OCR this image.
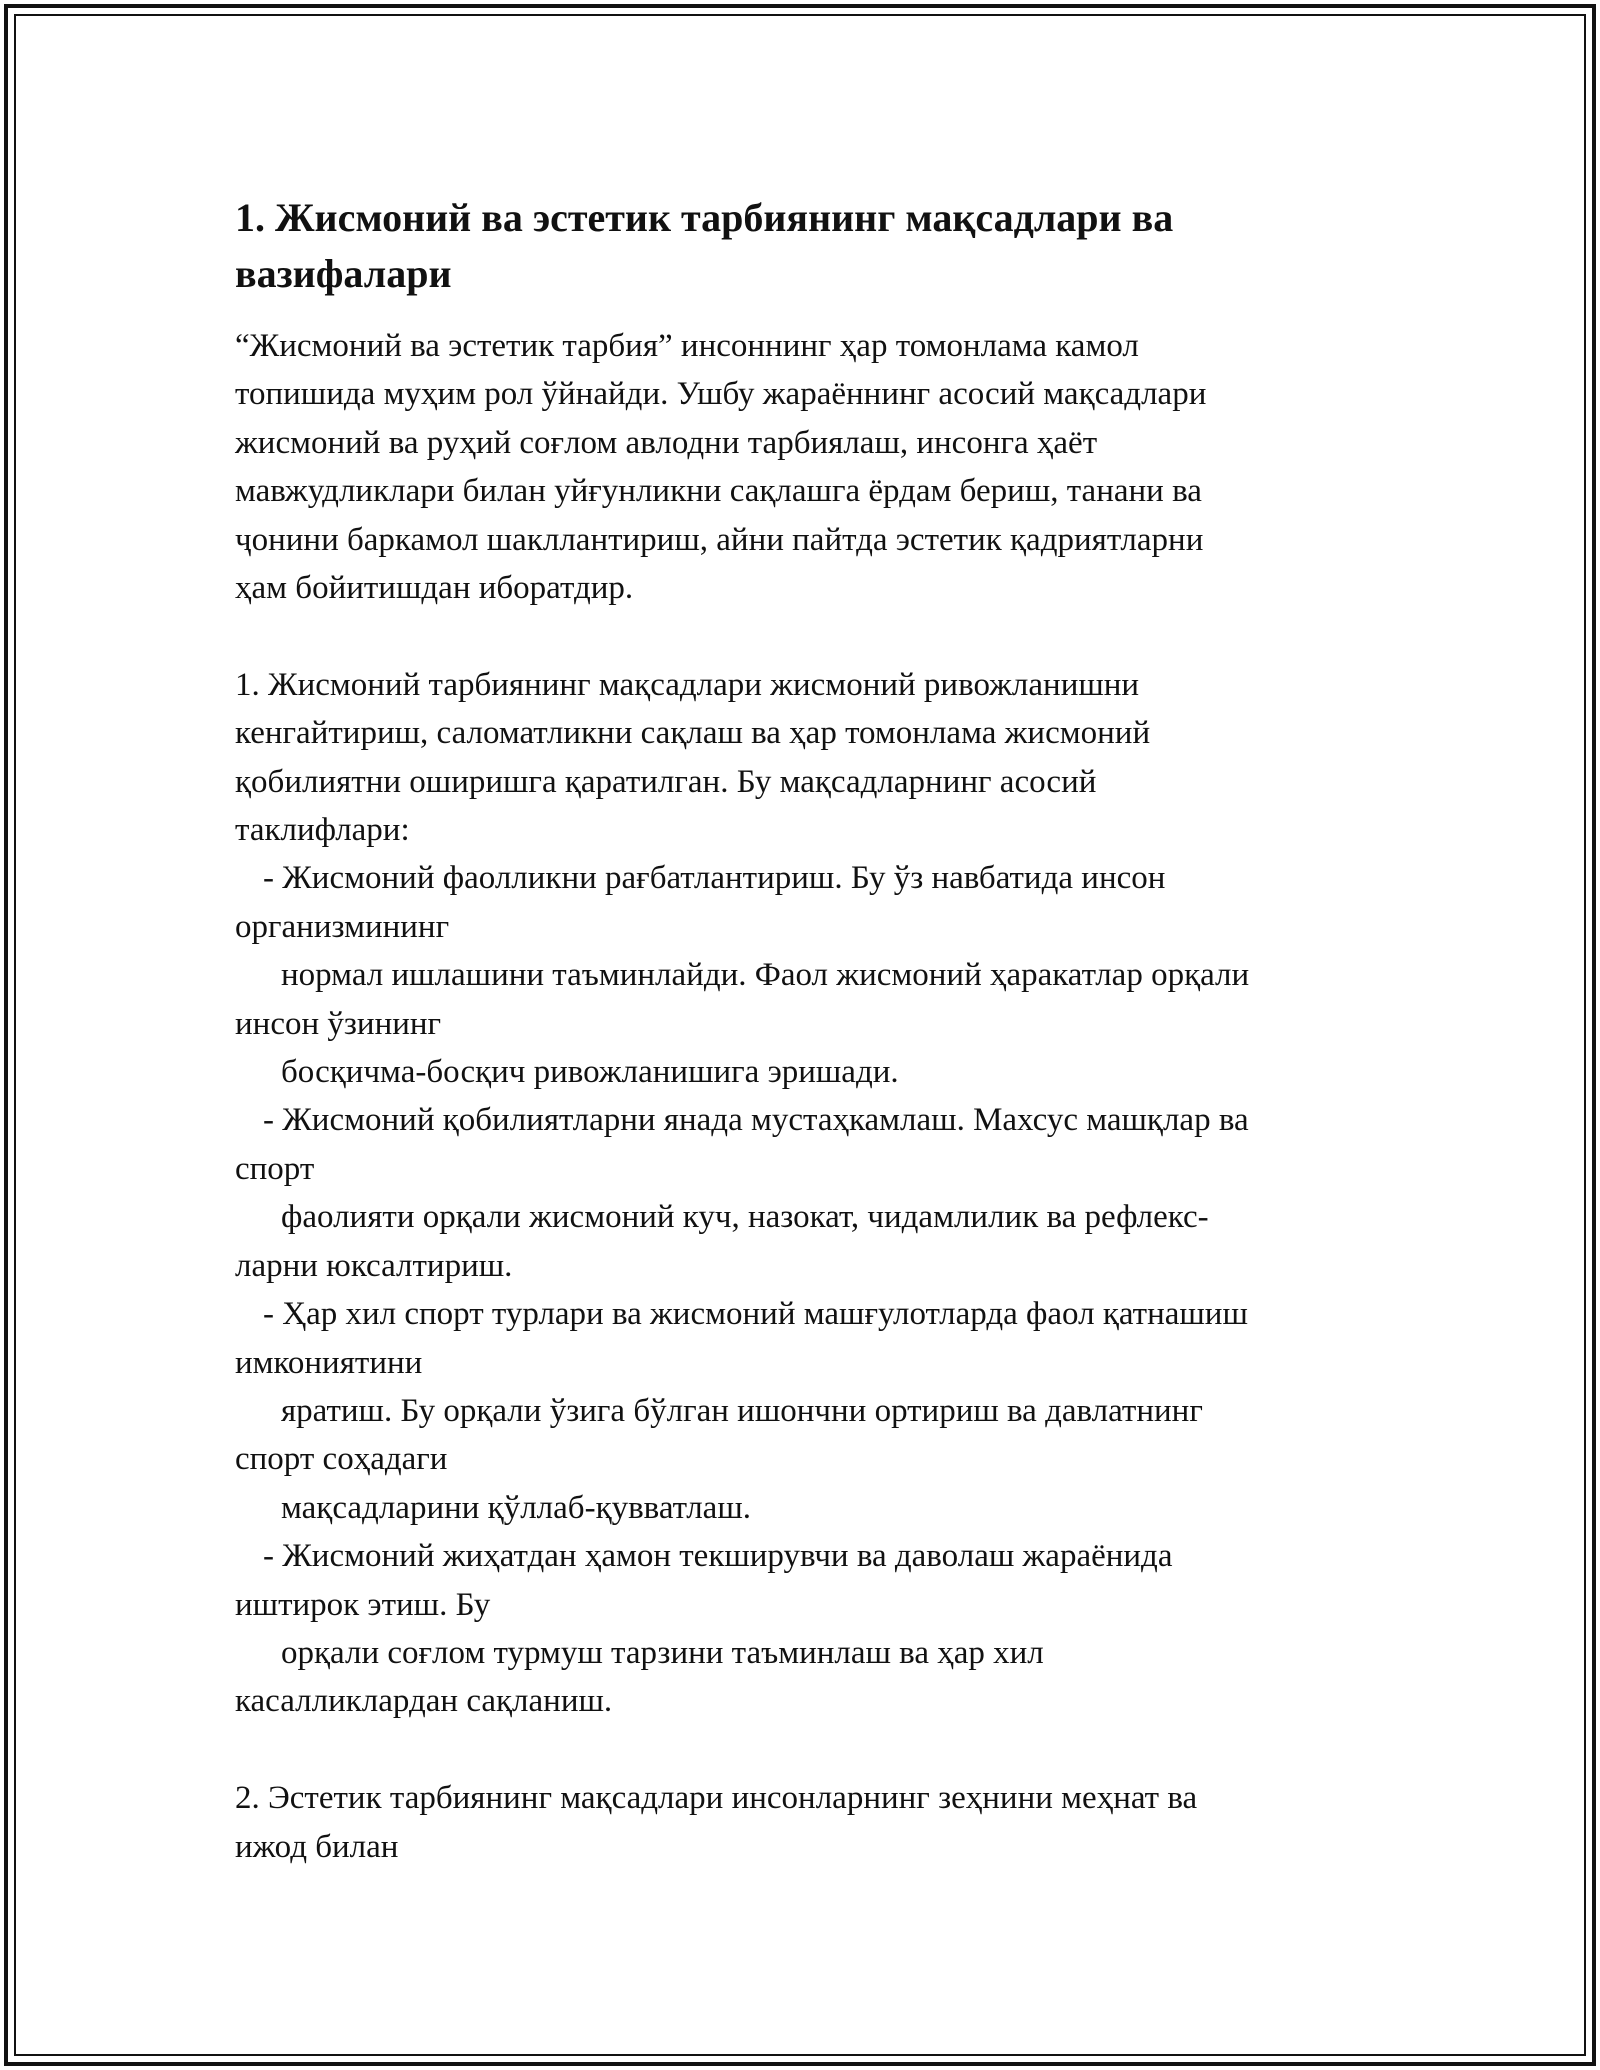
1. Жисмоний ва эстетик тарбиянинг мақсадлари ва
вазифалари
“Жисмоний ва эстетик тарбия” инсоннинг ҳар томонлама камол
топишида муҳим рол ўйнайди. Ушбу жараённинг асосий мақсадлари
жисмоний ва руҳий соғлом авлодни тарбиялаш, инсонга ҳаёт
мавжудликлари билан уйғунликни сақлашга ёрдам бериш, танани ва
ҷонини баркамол шакллантириш, айни пайтда эстетик қадриятларни
ҳам бойитишдан иборатдир.
1. Жисмоний тарбиянинг мақсадлари жисмоний ривожланишни
кенгайтириш, саломатликни сақлаш ва ҳар томонлама жисмоний
қобилиятни оширишга қаратилган. Бу мақсадларнинг асосий
таклифлари:
- Жисмоний фаолликни рағбатлантириш. Бу ўз навбатида инсон
организмининг
нормал ишлашини таъминлайди. Фаол жисмоний ҳаракатлар орқали
инсон ўзининг
босқичма-босқич ривожланишига эришади.
- Жисмоний қобилиятларни янада мустаҳкамлаш. Махсус машқлар ва
спорт
фаолияти орқали жисмоний куч, назокат, чидамлилик ва рефлекс-
ларни юксалтириш.
- Ҳар хил спорт турлари ва жисмоний машғулотларда фаол қатнашиш
имкониятини
яратиш. Бу орқали ўзига бўлган ишончни ортириш ва давлатнинг
спорт соҳадаги
мақсадларини қўллаб-қувватлаш.
- Жисмоний жиҳатдан ҳамон текширувчи ва даволаш жараёнида
иштирок этиш. Бу
орқали соғлом турмуш тарзини таъминлаш ва ҳар хил
касалликлардан сақланиш.
2. Эстетик тарбиянинг мақсадлари инсонларнинг зеҳнини меҳнат ва
ижод билан
